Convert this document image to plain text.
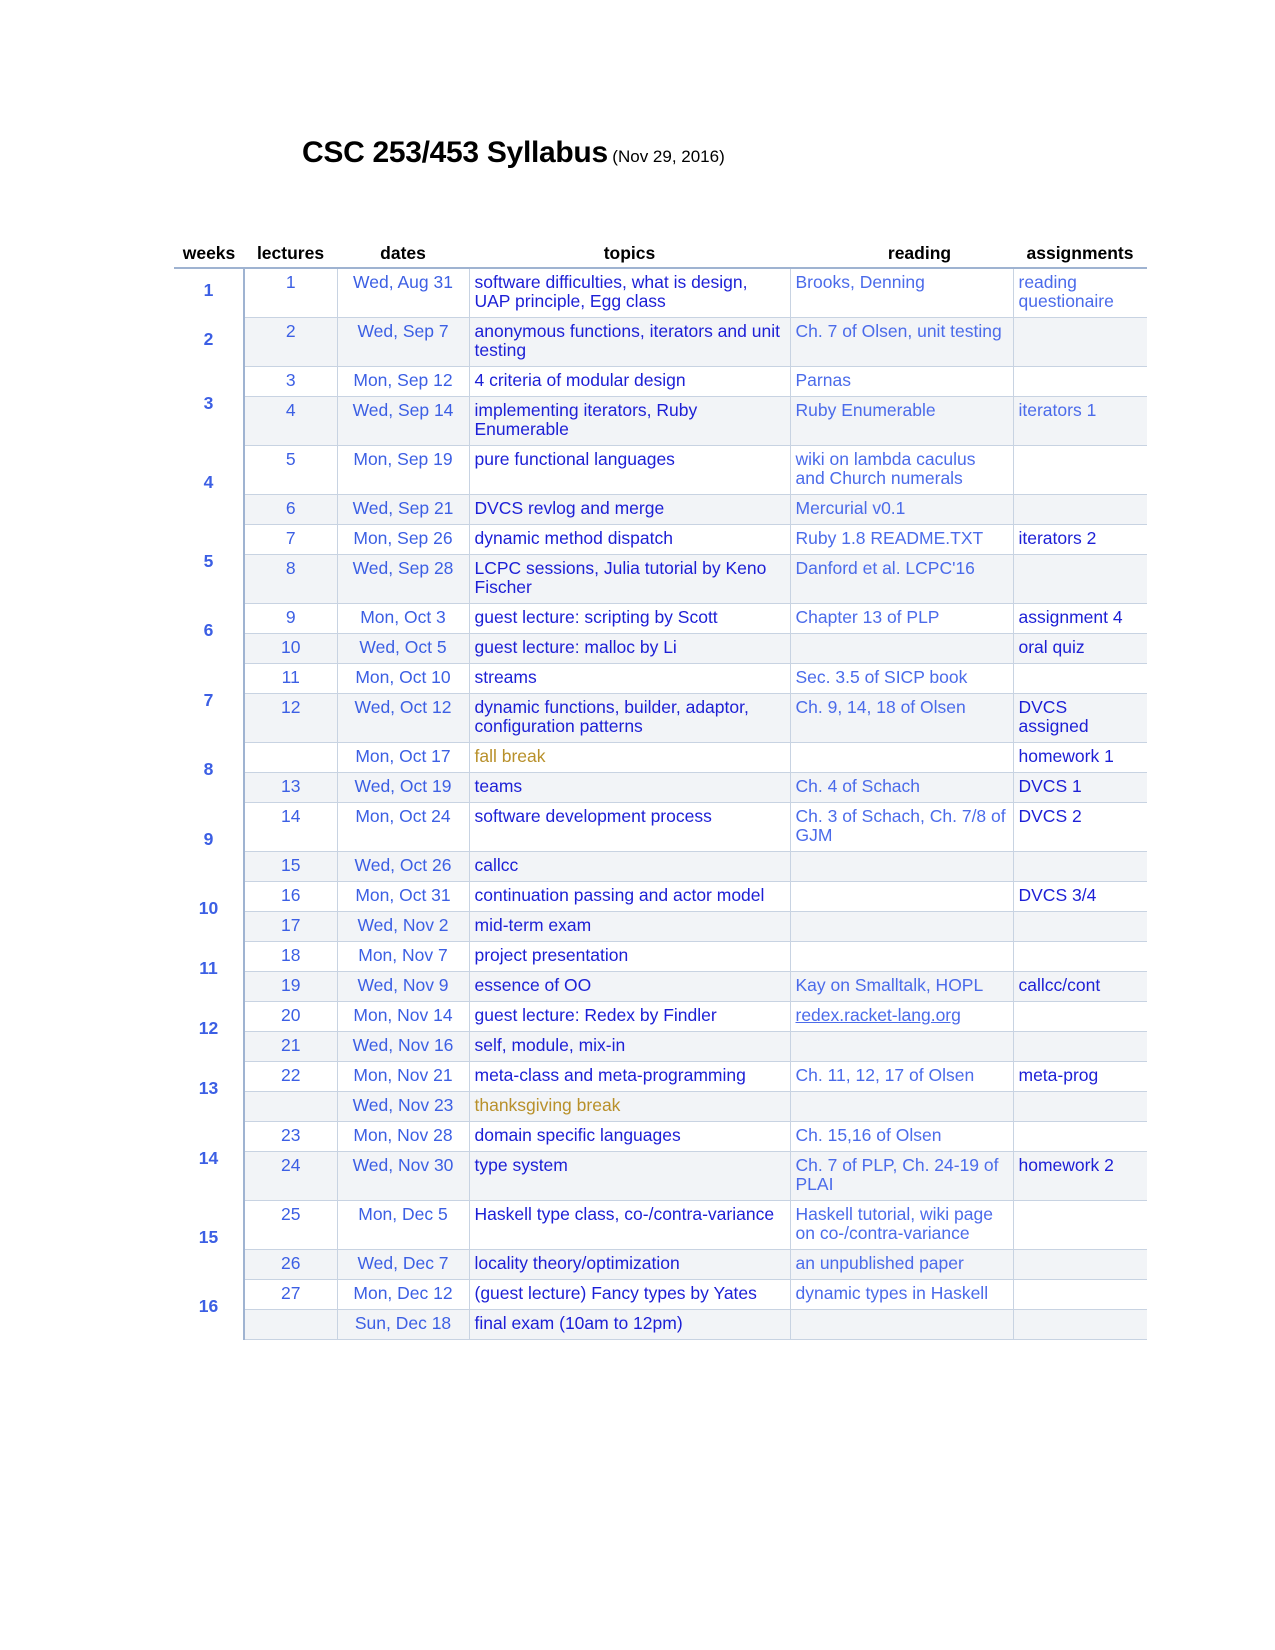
CSC 253/453 Syllabus (Nov 29, 2016)
weeks	lectures	dates	topics	reading	assignments
1	1	Wed, Aug 31	software difficulties, what is design, UAP principle, Egg class	Brooks, Denning	reading questionaire
2	2	Wed, Sep 7	anonymous functions, iterators and unit testing	Ch. 7 of Olsen, unit testing	
3	3	Mon, Sep 12	4 criteria of modular design	Parnas	
	4	Wed, Sep 14	implementing iterators, Ruby Enumerable	Ruby Enumerable	iterators 1
4	5	Mon, Sep 19	pure functional languages	wiki on lambda caculus and Church numerals	
	6	Wed, Sep 21	DVCS revlog and merge	Mercurial v0.1	
5	7	Mon, Sep 26	dynamic method dispatch	Ruby 1.8 README.TXT	iterators 2
	8	Wed, Sep 28	LCPC sessions, Julia tutorial by Keno Fischer	Danford et al. LCPC'16	
6	9	Mon, Oct 3	guest lecture: scripting by Scott	Chapter 13 of PLP	assignment 4
	10	Wed, Oct 5	guest lecture: malloc by Li		oral quiz
7	11	Mon, Oct 10	streams	Sec. 3.5 of SICP book	
	12	Wed, Oct 12	dynamic functions, builder, adaptor, configuration patterns	Ch. 9, 14, 18 of Olsen	DVCS assigned
8		Mon, Oct 17	fall break		homework 1
	13	Wed, Oct 19	teams	Ch. 4 of Schach	DVCS 1
9	14	Mon, Oct 24	software development process	Ch. 3 of Schach, Ch. 7/8 of GJM	DVCS 2
	15	Wed, Oct 26	callcc		
10	16	Mon, Oct 31	continuation passing and actor model		DVCS 3/4
	17	Wed, Nov 2	mid-term exam		
11	18	Mon, Nov 7	project presentation		
	19	Wed, Nov 9	essence of OO	Kay on Smalltalk, HOPL	callcc/cont
12	20	Mon, Nov 14	guest lecture: Redex by Findler	redex.racket-lang.org	
	21	Wed, Nov 16	self, module, mix-in		
13	22	Mon, Nov 21	meta-class and meta-programming	Ch. 11, 12, 17 of Olsen	meta-prog
		Wed, Nov 23	thanksgiving break		
14	23	Mon, Nov 28	domain specific languages	Ch. 15,16 of Olsen	
	24	Wed, Nov 30	type system	Ch. 7 of PLP, Ch. 24-19 of PLAI	homework 2
15	25	Mon, Dec 5	Haskell type class, co-/contra-variance	Haskell tutorial, wiki page on co-/contra-variance	
	26	Wed, Dec 7	locality theory/optimization	an unpublished paper	
16	27	Mon, Dec 12	(guest lecture) Fancy types by Yates	dynamic types in Haskell	
		Sun, Dec 18	final exam (10am to 12pm)		
